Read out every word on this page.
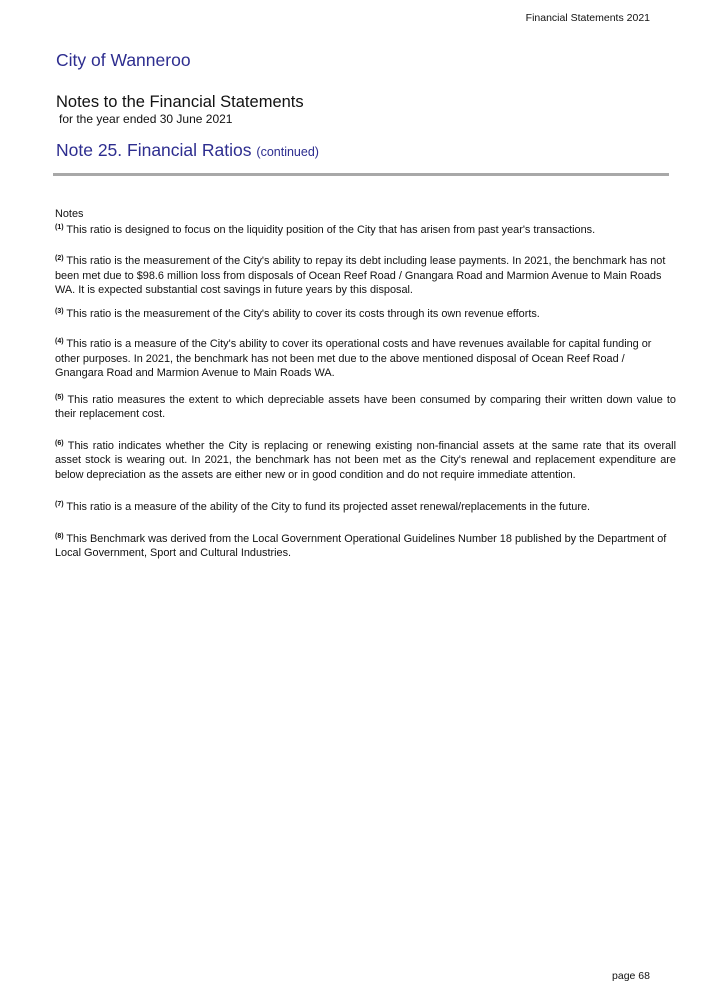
Financial Statements 2021
City of Wanneroo
Notes to the Financial Statements
for the year ended 30 June 2021
Note 25. Financial Ratios (continued)

Notes

$^{(1)}$ This ratio is designed to focus on the liquidity position of the City that has arisen from past year's transactions.

$^{(2)}$ This ratio is the measurement of the City's ability to repay its debt including lease payments. In 2021, the benchmark has not been met due to $98.6 million loss from disposals of Ocean Reef Road / Gnangara Road and Marmion Avenue to Main Roads WA. It is expected substantial cost savings in future years by this disposal.

$^{(3)}$ This ratio is the measurement of the City's ability to cover its costs through its own revenue efforts.

$^{(4)}$ This ratio is a measure of the City's ability to cover its operational costs and have revenues available for capital funding or other purposes. In 2021, the benchmark has not been met due to the above mentioned disposal of Ocean Reef Road / Gnangara Road and Marmion Avenue to Main Roads WA.

$^{(5)}$ This ratio measures the extent to which depreciable assets have been consumed by comparing their written down value to their replacement cost.

$^{(6)}$ This ratio indicates whether the City is replacing or renewing existing non-financial assets at the same rate that its overall asset stock is wearing out. In 2021, the benchmark has not been met as the City's renewal and replacement expenditure are below depreciation as the assets are either new or in good condition and do not require immediate attention.

$^{(7)}$ This ratio is a measure of the ability of the City to fund its projected asset renewal/replacements in the future.

$^{(8)}$ This Benchmark was derived from the Local Government Operational Guidelines Number 18 published by the Department of Local Government, Sport and Cultural Industries.

page 68
